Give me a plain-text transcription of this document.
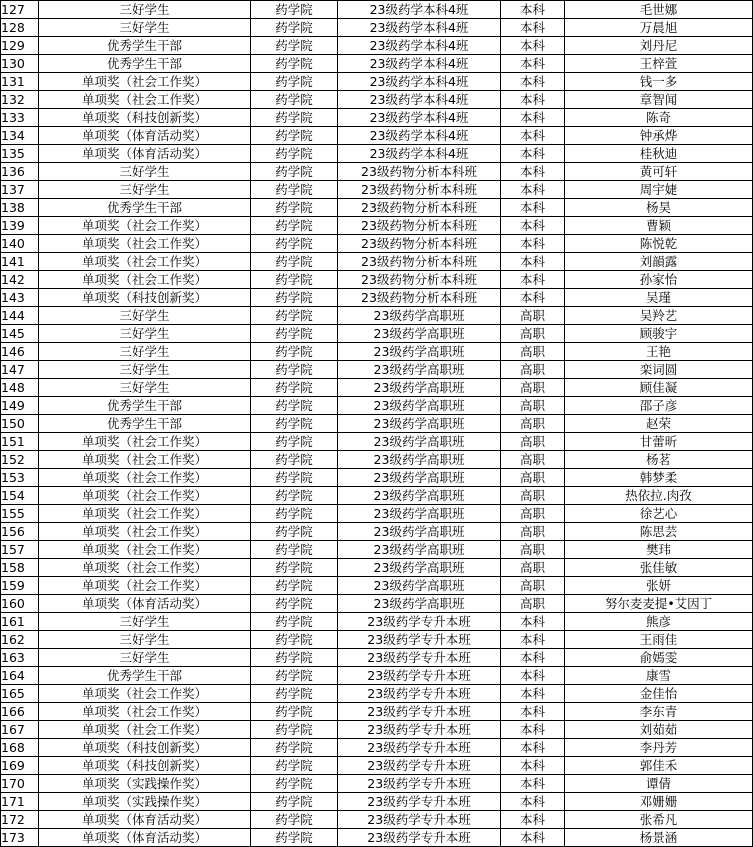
127	三好学生	药学院	23级药学本科4班	本科	毛世娜
128	三好学生	药学院	23级药学本科4班	本科	万晨旭
129	优秀学生干部	药学院	23级药学本科4班	本科	刘丹尼
130	优秀学生干部	药学院	23级药学本科4班	本科	王梓萱
131	单项奖（社会工作奖）	药学院	23级药学本科4班	本科	钱一多
132	单项奖（社会工作奖）	药学院	23级药学本科4班	本科	章智闻
133	单项奖（科技创新奖）	药学院	23级药学本科4班	本科	陈奇
134	单项奖（体育活动奖）	药学院	23级药学本科4班	本科	钟承烨
135	单项奖（体育活动奖）	药学院	23级药学本科4班	本科	桂秋迪
136	三好学生	药学院	23级药物分析本科班	本科	黄可轩
137	三好学生	药学院	23级药物分析本科班	本科	周宇婕
138	优秀学生干部	药学院	23级药物分析本科班	本科	杨昊
139	单项奖（社会工作奖）	药学院	23级药物分析本科班	本科	曹颖
140	单项奖（社会工作奖）	药学院	23级药物分析本科班	本科	陈悦乾
141	单项奖（社会工作奖）	药学院	23级药物分析本科班	本科	刘韻露
142	单项奖（社会工作奖）	药学院	23级药物分析本科班	本科	孙家怡
143	单项奖（科技创新奖）	药学院	23级药物分析本科班	本科	吴瑾
144	三好学生	药学院	23级药学高职班	高职	吴羚艺
145	三好学生	药学院	23级药学高职班	高职	顾骏宇
146	三好学生	药学院	23级药学高职班	高职	王艳
147	三好学生	药学院	23级药学高职班	高职	栾词圆
148	三好学生	药学院	23级药学高职班	高职	顾佳凝
149	优秀学生干部	药学院	23级药学高职班	高职	邵子彦
150	优秀学生干部	药学院	23级药学高职班	高职	赵荣
151	单项奖（社会工作奖）	药学院	23级药学高职班	高职	甘蕾昕
152	单项奖（社会工作奖）	药学院	23级药学高职班	高职	杨茗
153	单项奖（社会工作奖）	药学院	23级药学高职班	高职	韩梦柔
154	单项奖（社会工作奖）	药学院	23级药学高职班	高职	热依拉.肉孜
155	单项奖（社会工作奖）	药学院	23级药学高职班	高职	徐艺心
156	单项奖（社会工作奖）	药学院	23级药学高职班	高职	陈思芸
157	单项奖（社会工作奖）	药学院	23级药学高职班	高职	樊玮
158	单项奖（社会工作奖）	药学院	23级药学高职班	高职	张佳敏
159	单项奖（社会工作奖）	药学院	23级药学高职班	高职	张妍
160	单项奖（体育活动奖）	药学院	23级药学高职班	高职	努尔麦麦提•艾因丁
161	三好学生	药学院	23级药学专升本班	本科	熊彦
162	三好学生	药学院	23级药学专升本班	本科	王雨佳
163	三好学生	药学院	23级药学专升本班	本科	俞嫣雯
164	优秀学生干部	药学院	23级药学专升本班	本科	康雪
165	单项奖（社会工作奖）	药学院	23级药学专升本班	本科	金佳怡
166	单项奖（社会工作奖）	药学院	23级药学专升本班	本科	李东青
167	单项奖（社会工作奖）	药学院	23级药学专升本班	本科	刘茹茹
168	单项奖（科技创新奖）	药学院	23级药学专升本班	本科	李丹芳
169	单项奖（科技创新奖）	药学院	23级药学专升本班	本科	郭佳禾
170	单项奖（实践操作奖）	药学院	23级药学专升本班	本科	谭倩
171	单项奖（实践操作奖）	药学院	23级药学专升本班	本科	邓姗姗
172	单项奖（体育活动奖）	药学院	23级药学专升本班	本科	张希凡
173	单项奖（体育活动奖）	药学院	23级药学专升本班	本科	杨景涵
